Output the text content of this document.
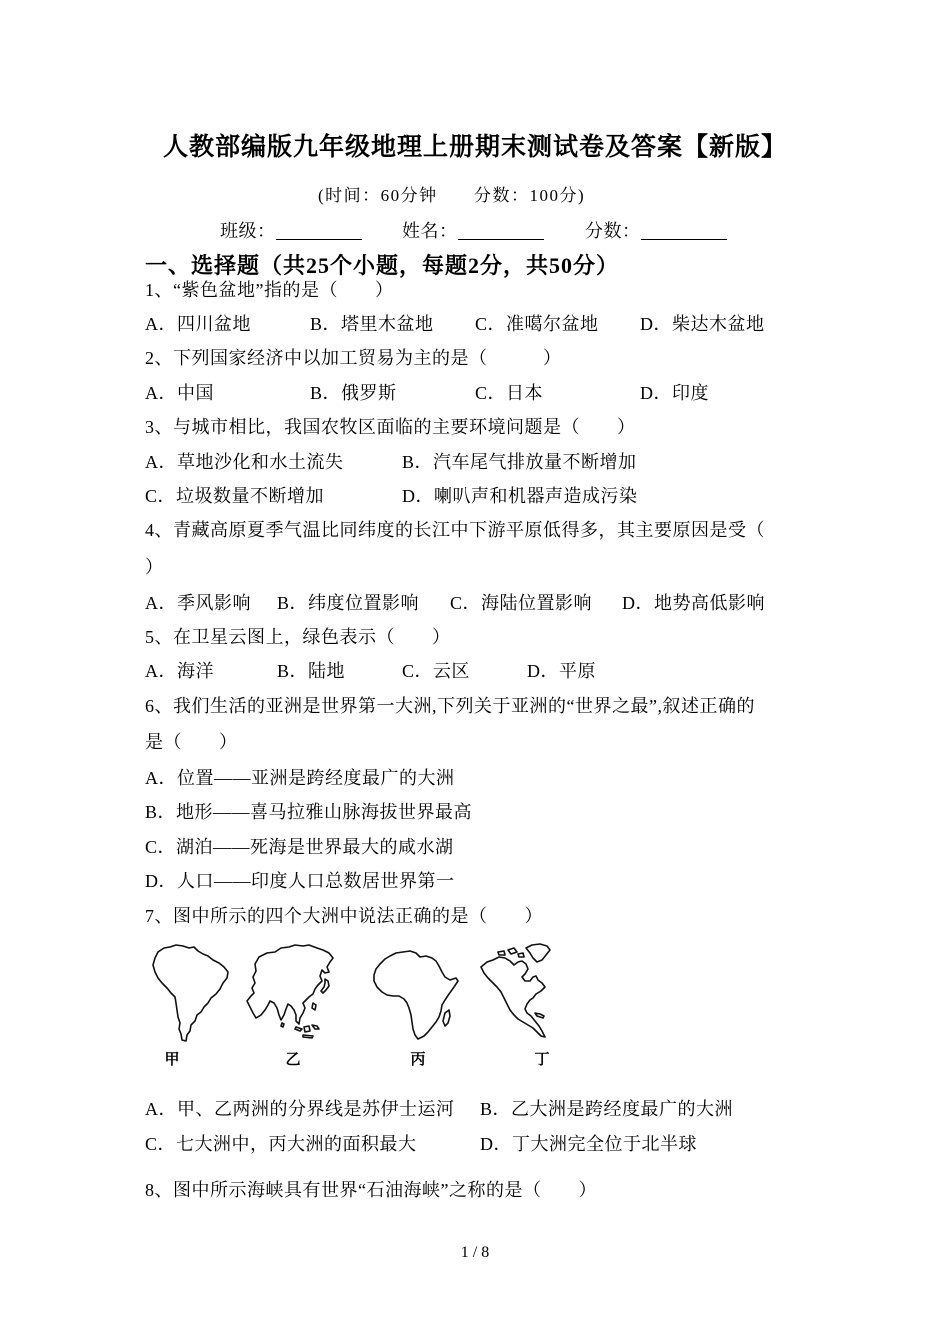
人教部编版九年级地理上册期末测试卷及答案【新版】
(时间：60分钟 分数：100分)
班级：	姓名：	分数：
一、选择题（共25个小题，每题2分，共50分）
1、“紫色盆地”指的是（　　）
A．四川盆地	B．塔里木盆地 C．准噶尔盆地 D．柴达木盆地
2、下列国家经济中以加工贸易为主的是（　　　）
A．中国	B．俄罗斯	C．日本	D．印度
3、与城市相比，我国农牧区面临的主要环境问题是（　　）
A．草地沙化和水土流失	B．汽车尾气排放量不断增加
C．垃圾数量不断增加	D．喇叭声和机器声造成污染
4、青藏高原夏季气温比同纬度的长江中下游平原低得多，其主要原因是受（
）
A．季风影响 B．纬度位置影响 C．海陆位置影响 D．地势高低影响
5、在卫星云图上，绿色表示（　　）
A．海洋	B．陆地	C．云区	D．平原
6、我们生活的亚洲是世界第一大洲,下列关于亚洲的“世界之最”,叙述正确的
是（　　）
A．位置——亚洲是跨经度最广的大洲
B．地形——喜马拉雅山脉海拔世界最高
C．湖泊——死海是世界最大的咸水湖
D．人口——印度人口总数居世界第一
7、图中所示的四个大洲中说法正确的是（　　）
甲	乙	丙	丁
A．甲、乙两洲的分界线是苏伊士运河 B．乙大洲是跨经度最广的大洲
C．七大洲中，丙大洲的面积最大	D．丁大洲完全位于北半球
8、图中所示海峡具有世界“石油海峡”之称的是（　　）
1 / 8
